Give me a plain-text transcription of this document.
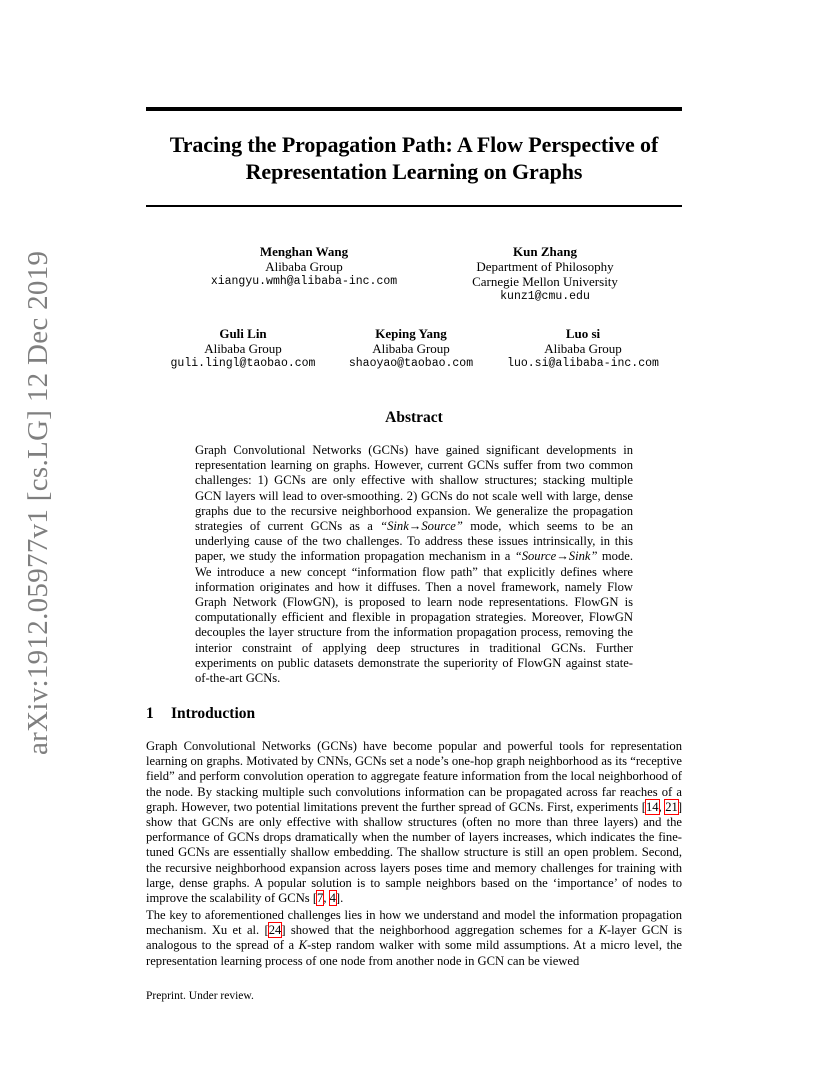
arXiv:1912.05977v1 [cs.LG] 12 Dec 2019
Tracing the Propagation Path: A Flow Perspective of
Representation Learning on Graphs
Menghan Wang
Alibaba Group
xiangyu.wmh@alibaba-inc.com
Kun Zhang
Department of Philosophy
Carnegie Mellon University
kunz1@cmu.edu
Guli Lin
Alibaba Group
guli.lingl@taobao.com
Keping Yang
Alibaba Group
shaoyao@taobao.com
Luo si
Alibaba Group
luo.si@alibaba-inc.com
Abstract
Graph Convolutional Networks (GCNs) have gained significant developments in representation learning on graphs. However, current GCNs suffer from two common challenges: 1) GCNs are only effective with shallow structures; stacking multiple GCN layers will lead to over-smoothing. 2) GCNs do not scale well with large, dense graphs due to the recursive neighborhood expansion. We generalize the propagation strategies of current GCNs as a “Sink→Source” mode, which seems to be an underlying cause of the two challenges. To address these issues intrinsically, in this paper, we study the information propagation mechanism in a “Source→Sink” mode. We introduce a new concept “information flow path” that explicitly defines where information originates and how it diffuses. Then a novel framework, namely Flow Graph Network (FlowGN), is proposed to learn node representations. FlowGN is computationally efficient and flexible in propagation strategies. Moreover, FlowGN decouples the layer structure from the information propagation process, removing the interior constraint of applying deep structures in traditional GCNs. Further experiments on public datasets demonstrate the superiority of FlowGN against state-of-the-art GCNs.
1 Introduction
Graph Convolutional Networks (GCNs) have become popular and powerful tools for representation learning on graphs. Motivated by CNNs, GCNs set a node’s one-hop graph neighborhood as its “receptive field” and perform convolution operation to aggregate feature information from the local neighborhood of the node. By stacking multiple such convolutions information can be propagated across far reaches of a graph. However, two potential limitations prevent the further spread of GCNs. First, experiments [14, 21] show that GCNs are only effective with shallow structures (often no more than three layers) and the performance of GCNs drops dramatically when the number of layers increases, which indicates the fine-tuned GCNs are essentially shallow embedding. The shallow structure is still an open problem. Second, the recursive neighborhood expansion across layers poses time and memory challenges for training with large, dense graphs. A popular solution is to sample neighbors based on the ‘importance’ of nodes to improve the scalability of GCNs [7, 4].
The key to aforementioned challenges lies in how we understand and model the information propagation mechanism. Xu et al. [24] showed that the neighborhood aggregation schemes for a K-layer GCN is analogous to the spread of a K-step random walker with some mild assumptions. At a micro level, the representation learning process of one node from another node in GCN can be viewed
Preprint. Under review.
